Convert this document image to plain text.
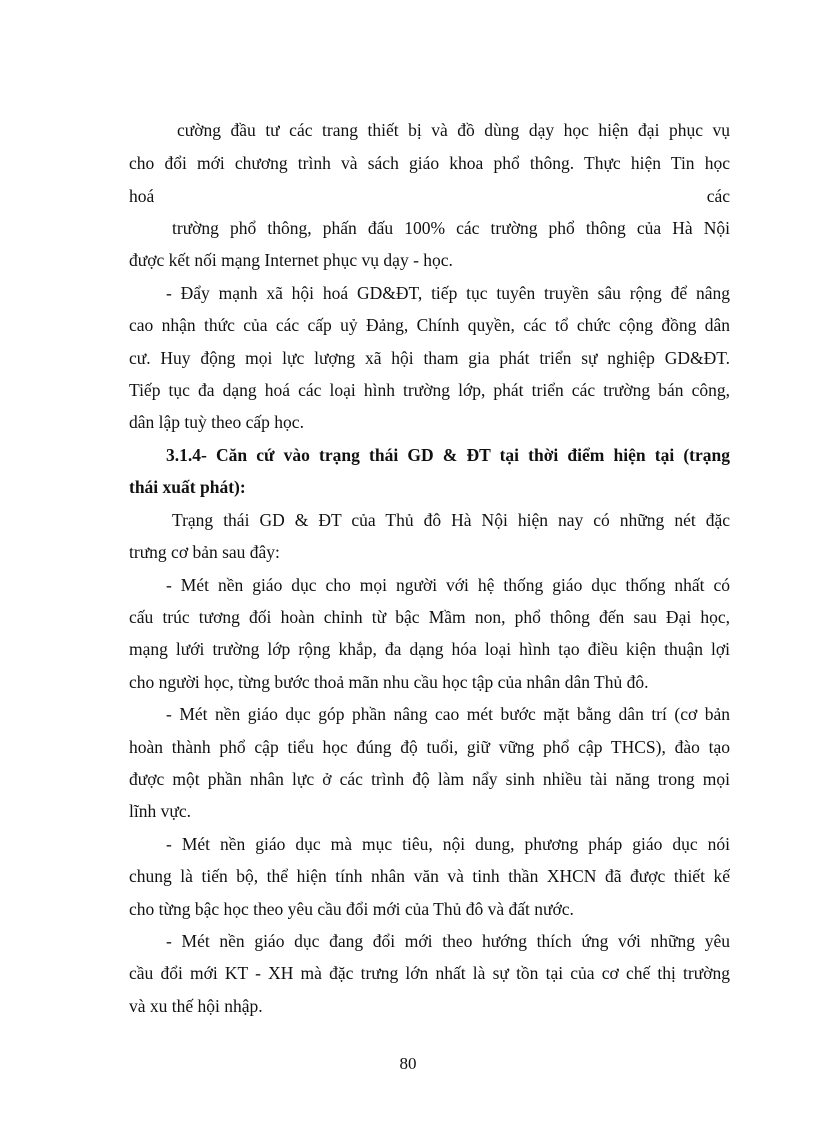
cường đầu tư các trang thiết bị và đồ dùng dạy học hiện đại phục vụ
cho đổi mới chương trình và sách giáo khoa phổ thông. Thực hiện Tin học
hoá	các
trường phổ thông, phấn đấu 100% các trường phổ thông của Hà Nội
được kết nối mạng Internet phục vụ dạy - học.
- Đẩy mạnh xã hội hoá GD&ĐT, tiếp tục tuyên truyền sâu rộng để nâng
cao nhận thức của các cấp uỷ Đảng, Chính quyền, các tổ chức cộng đồng dân
cư. Huy động mọi lực lượng xã hội tham gia phát triển sự nghiệp GD&ĐT.
Tiếp tục đa dạng hoá các loại hình trường lớp, phát triển các trường bán công,
dân lập tuỳ theo cấp học.
3.1.4- Căn cứ vào trạng thái GD & ĐT tại thời điểm hiện tại (trạng
thái xuất phát):
Trạng thái GD & ĐT của Thủ đô Hà Nội hiện nay có những nét đặc
trưng cơ bản sau đây:
- Mét nền giáo dục cho mọi người với hệ thống giáo dục thống nhất có
cấu trúc tương đối hoàn chỉnh từ bậc Mầm non, phổ thông đến sau Đại học,
mạng lưới trường lớp rộng khắp, đa dạng hóa loại hình tạo điều kiện thuận lợi
cho người học, từng bước thoả mãn nhu cầu học tập của nhân dân Thủ đô.
- Mét nền giáo dục góp phần nâng cao mét bước mặt bằng dân trí (cơ bản
hoàn thành phổ cập tiểu học đúng độ tuổi, giữ vững phổ cập THCS), đào tạo
được một phần nhân lực ở các trình độ làm nẩy sinh nhiều tài năng trong mọi
lĩnh vực.
- Mét nền giáo dục mà mục tiêu, nội dung, phương pháp giáo dục nói
chung là tiến bộ, thể hiện tính nhân văn và tinh thần XHCN đã được thiết kế
cho từng bậc học theo yêu cầu đổi mới của Thủ đô và đất nước.
- Mét nền giáo dục đang đổi mới theo hướng thích ứng với những yêu
cầu đổi mới KT - XH mà đặc trưng lớn nhất là sự tồn tại của cơ chế thị trường
và xu thế hội nhập.
80
